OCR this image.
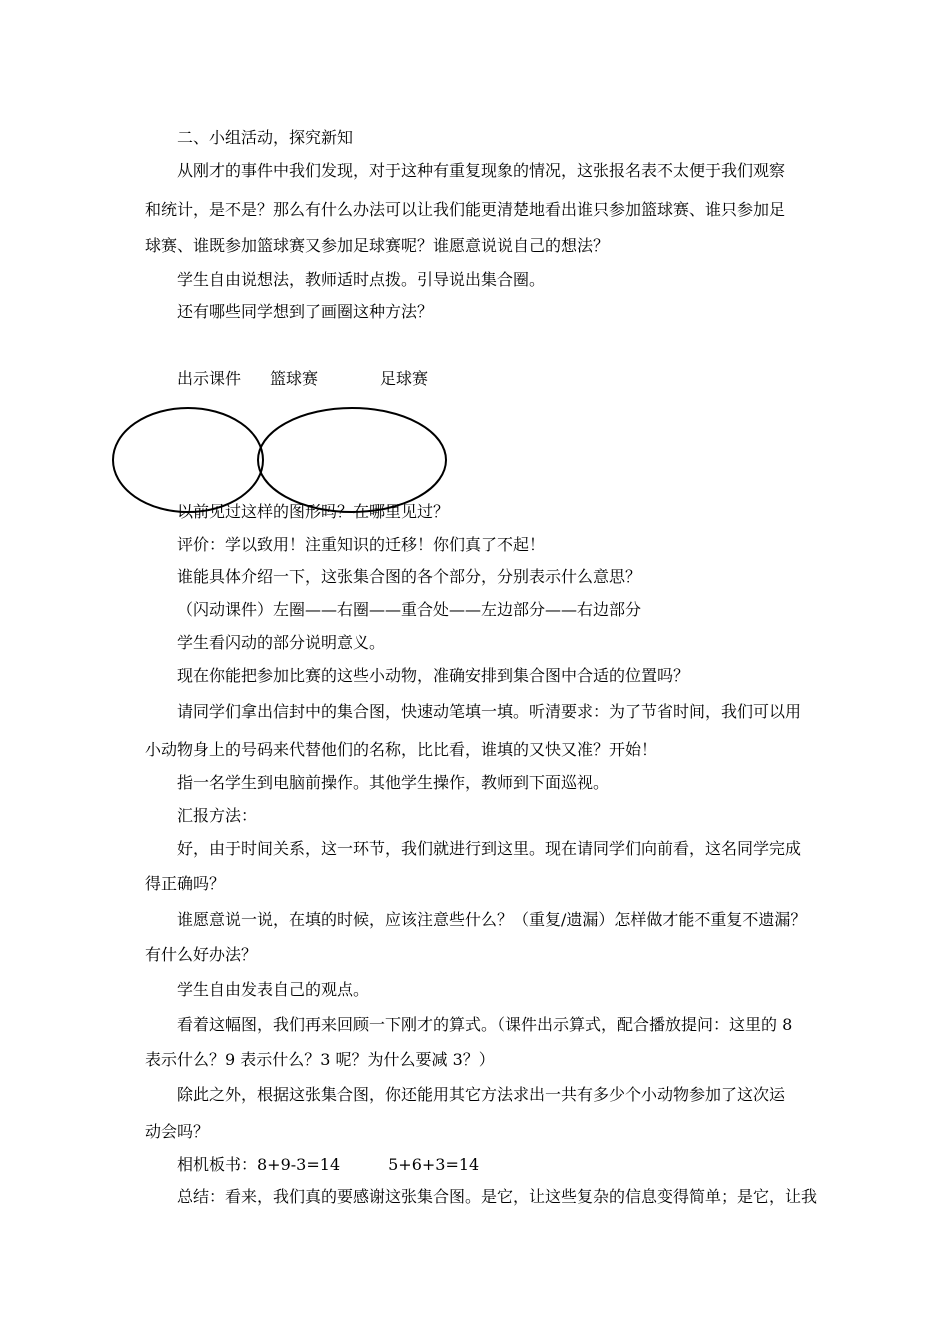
二、小组活动，探究新知
从刚才的事件中我们发现，对于这种有重复现象的情况，这张报名表不太便于我们观察
和统计，是不是？那么有什么办法可以让我们能更清楚地看出谁只参加篮球赛、谁只参加足
球赛、谁既参加篮球赛又参加足球赛呢？谁愿意说说自己的想法？
学生自由说想法，教师适时点拨。引导说出集合圈。
还有哪些同学想到了画圈这种方法？
出示课件 篮球赛	足球赛
以前见过这样的图形吗？在哪里见过？
评价：学以致用！注重知识的迁移！你们真了不起！
谁能具体介绍一下，这张集合图的各个部分，分别表示什么意思？
（闪动课件）左圈——右圈——重合处——左边部分——右边部分
学生看闪动的部分说明意义。
现在你能把参加比赛的这些小动物，准确安排到集合图中合适的位置吗？
请同学们拿出信封中的集合图，快速动笔填一填。听清要求：为了节省时间，我们可以用
小动物身上的号码来代替他们的名称，比比看，谁填的又快又准？开始！
指一名学生到电脑前操作。其他学生操作，教师到下面巡视。
汇报方法：
好，由于时间关系，这一环节，我们就进行到这里。现在请同学们向前看，这名同学完成
得正确吗？
谁愿意说一说，在填的时候，应该注意些什么？（重复/遗漏）怎样做才能不重复不遗漏？
有什么好办法？
学生自由发表自己的观点。
看着这幅图，我们再来回顾一下刚才的算式。（课件出示算式，配合播放提问：这里的 8
表示什么？9 表示什么？3 呢？为什么要减 3？）
除此之外，根据这张集合图，你还能用其它方法求出一共有多少个小动物参加了这次运
动会吗？
相机板书：8+9-3=14　　　5+6+3=14
总结：看来，我们真的要感谢这张集合图。是它，让这些复杂的信息变得简单；是它，让我
